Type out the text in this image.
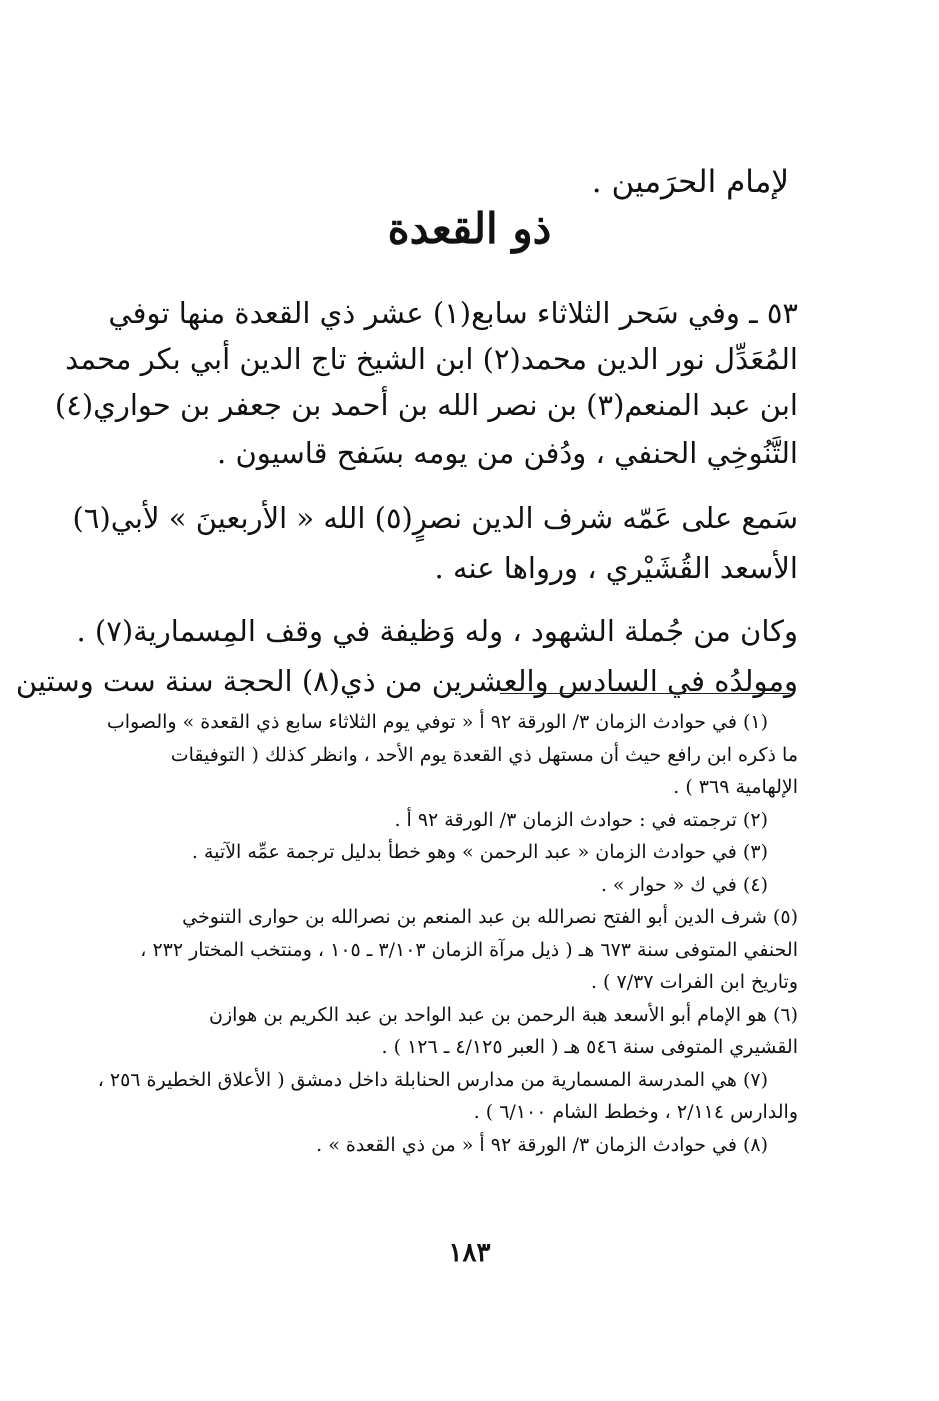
لإمام الحرَمين .
ذو القعدة
٥٣ ـ وفي سَحر الثلاثاء سابع(١) عشر ذي القعدة منها توفي
المُعَدِّل نور الدين محمد(٢) ابن الشيخ تاج الدين أبي بكر محمد
ابن عبد المنعم(٣) بن نصر الله بن أحمد بن جعفر بن حواري(٤)
التَّنُوخِي الحنفي ، ودُفن من يومه بسَفح قاسيون .
سَمع على عَمّه شرف الدين نصرٍ(٥) الله « الأربعينَ » لأبي(٦)
الأسعد القُشَيْري ، ورواها عنه .
وكان من جُملة الشهود ، وله وَظيفة في وقف المِسمارية(٧) .
ومولدُه في السادس والعشرين من ذي(٨) الحجة سنة ست وستين
(١) في حوادث الزمان ٣/ الورقة ٩٢ أ « توفي يوم الثلاثاء سابع ذي القعدة » والصواب
ما ذكره ابن رافع حيث أن مستهل ذي القعدة يوم الأحد ، وانظر كذلك ( التوفيقات
الإلهامية ٣٦٩ ) .
(٢) ترجمته في : حوادث الزمان ٣/ الورقة ٩٢ أ .
(٣) في حوادث الزمان « عبد الرحمن » وهو خطأ بدليل ترجمة عمِّه الآتية .
(٤) في ك « حوار » .
(٥) شرف الدين أبو الفتح نصرالله بن عبد المنعم بن نصرالله بن حوارى التنوخي
الحنفي المتوفى سنة ٦٧٣ هـ ( ذيل مرآة الزمان ٣/١٠٣ ـ ١٠٥ ، ومنتخب المختار ٢٣٢ ،
وتاريخ ابن الفرات ٧/٣٧ ) .
(٦) هو الإمام أبو الأسعد هبة الرحمن بن عبد الواحد بن عبد الكريم بن هوازن
القشيري المتوفى سنة ٥٤٦ هـ ( العبر ٤/١٢٥ ـ ١٢٦ ) .
(٧) هي المدرسة المسمارية من مدارس الحنابلة داخل دمشق ( الأعلاق الخطيرة ٢٥٦ ،
والدارس ٢/١١٤ ، وخطط الشام ٦/١٠٠ ) .
(٨) في حوادث الزمان ٣/ الورقة ٩٢ أ « من ذي القعدة » .
١٨٣
